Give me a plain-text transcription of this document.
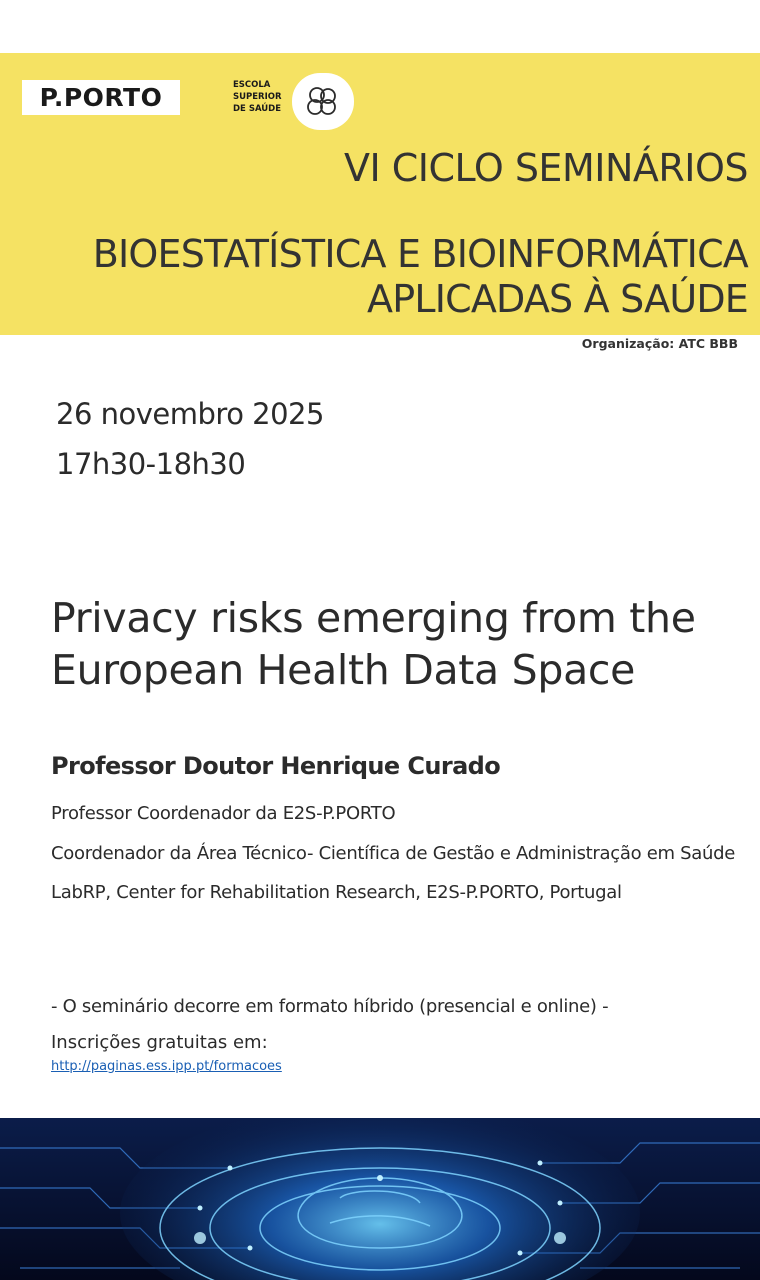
P.PORTO	ESCOLA
SUPERIOR
DE SAÚDE
VI CICLO SEMINÁRIOS
BIOESTATÍSTICA E BIOINFORMÁTICA
APLICADAS À SAÚDE
Organização: ATC BBB
26 novembro 2025
17h30-18h30
Privacy risks emerging from the
European Health Data Space
Professor Doutor Henrique Curado
Professor Coordenador da E2S-P.PORTO
Coordenador da Área Técnico- Científica de Gestão e Administração em Saúde
LabRP, Center for Rehabilitation Research, E2S-P.PORTO, Portugal
- O seminário decorre em formato híbrido (presencial e online) -
Inscrições gratuitas em:
http://paginas.ess.ipp.pt/formacoes
